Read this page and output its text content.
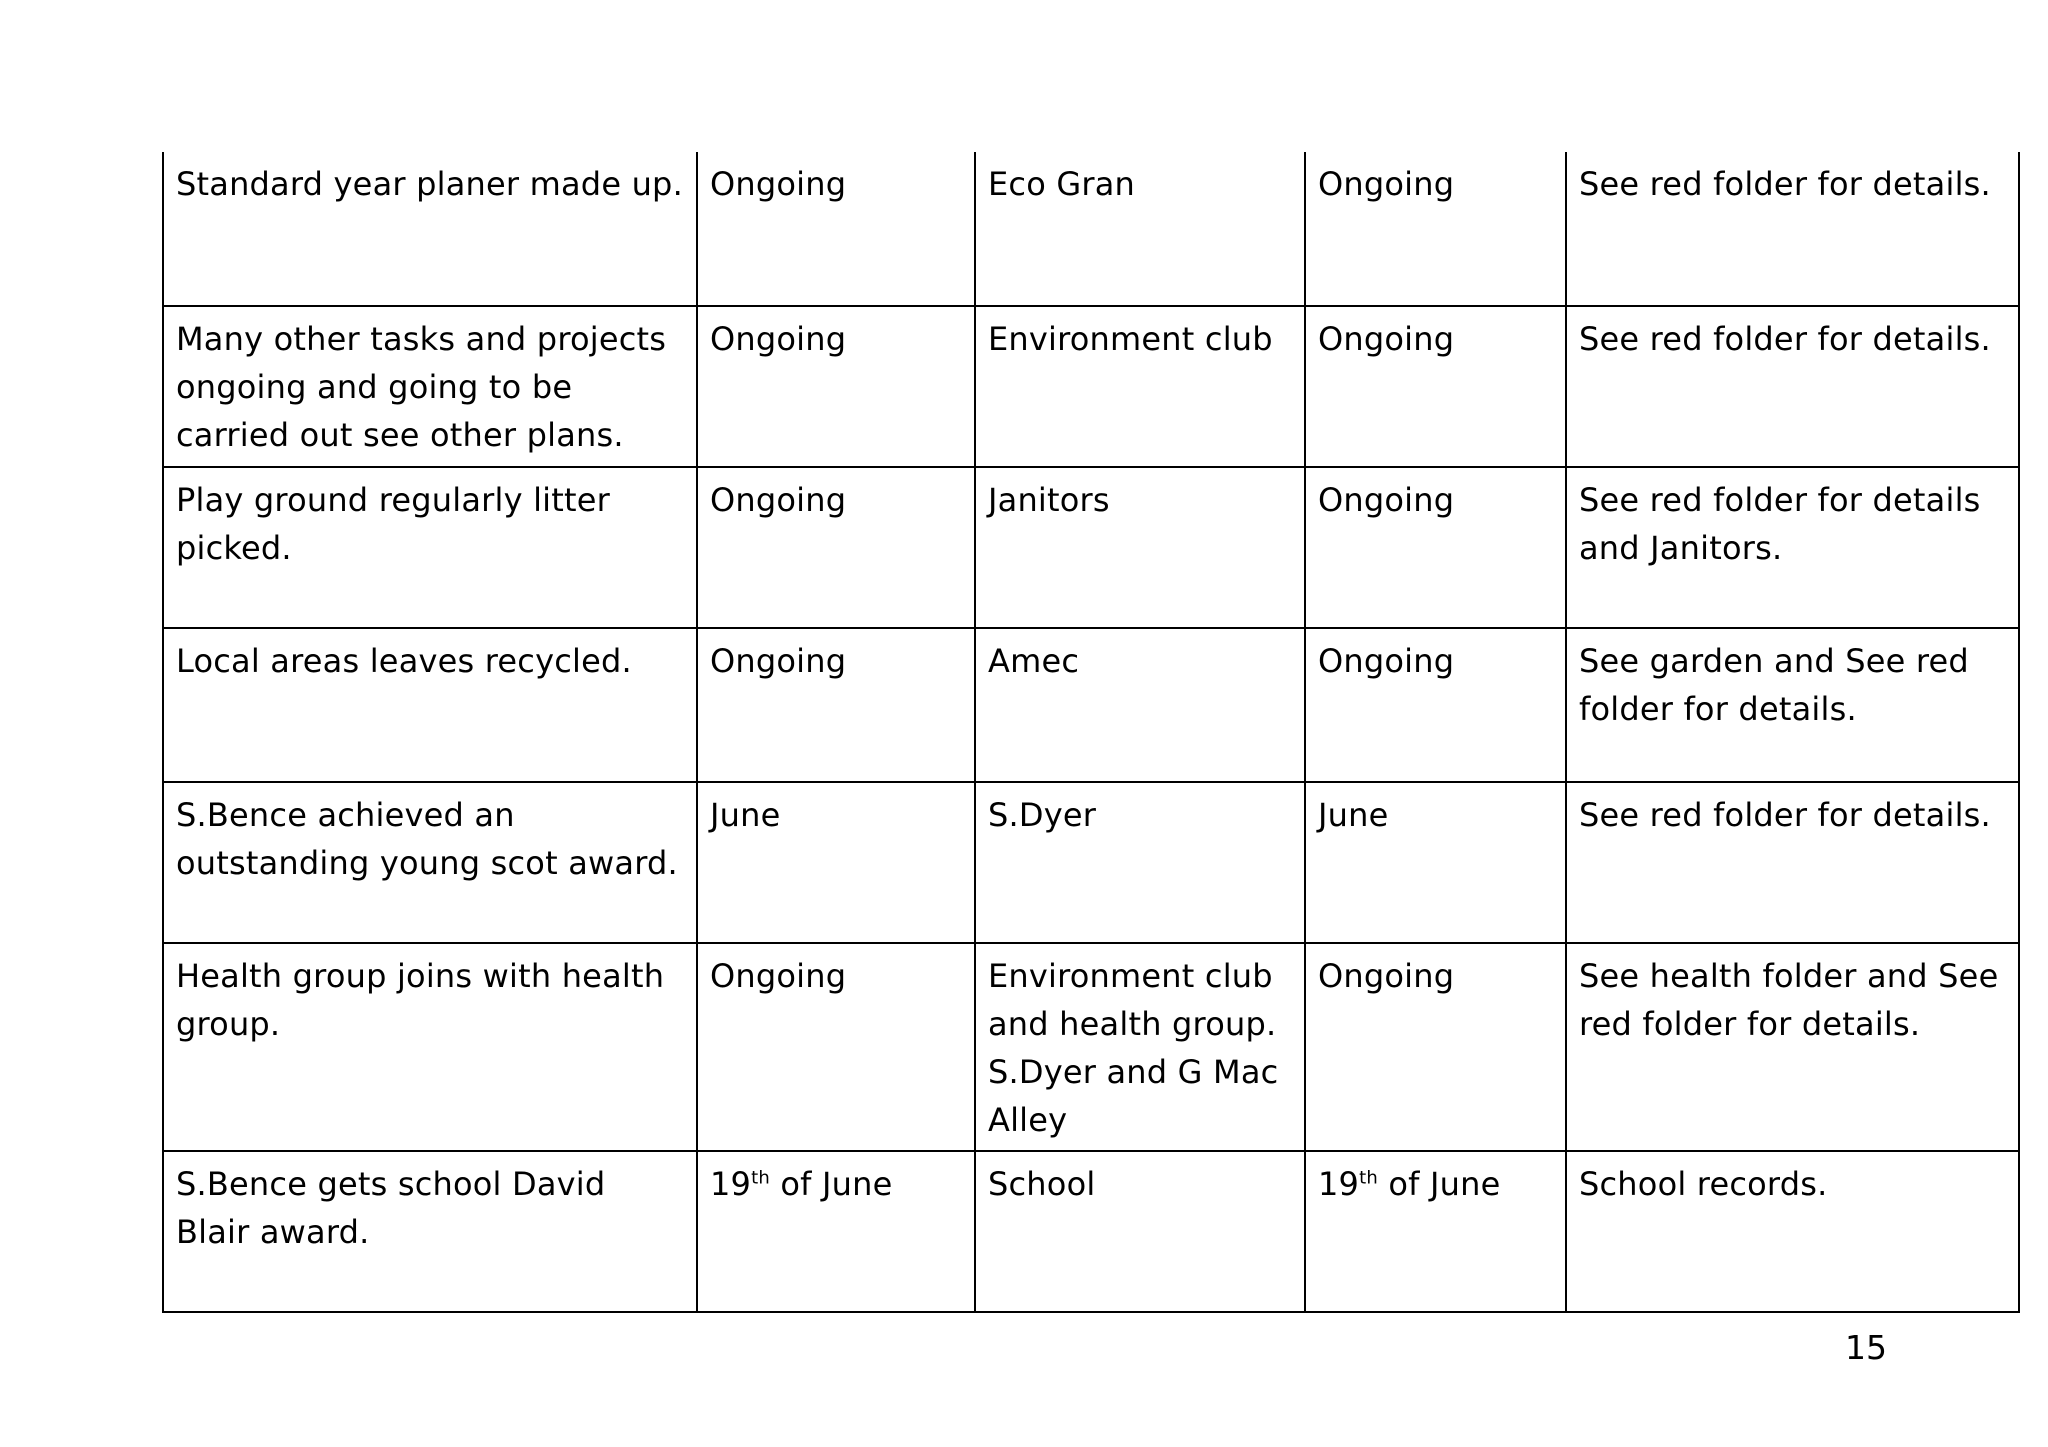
Standard year planer made up.	Ongoing	Eco Gran	Ongoing	See red folder for details.
Many other tasks and projects ongoing and going to be carried out see other plans.	Ongoing	Environment club	Ongoing	See red folder for details.
Play ground regularly litter picked.	Ongoing	Janitors	Ongoing	See red folder for details and Janitors.
Local areas leaves recycled.	Ongoing	Amec	Ongoing	See garden and See red folder for details.
S.Bence achieved an outstanding young scot award.	June	S.Dyer	June	See red folder for details.
Health group joins with health group.	Ongoing	Environment club and health group. S.Dyer and G Mac Alley	Ongoing	See health folder and See red folder for details.
S.Bence gets school David Blair award.	19th of June	School	19th of June	School records.
15
